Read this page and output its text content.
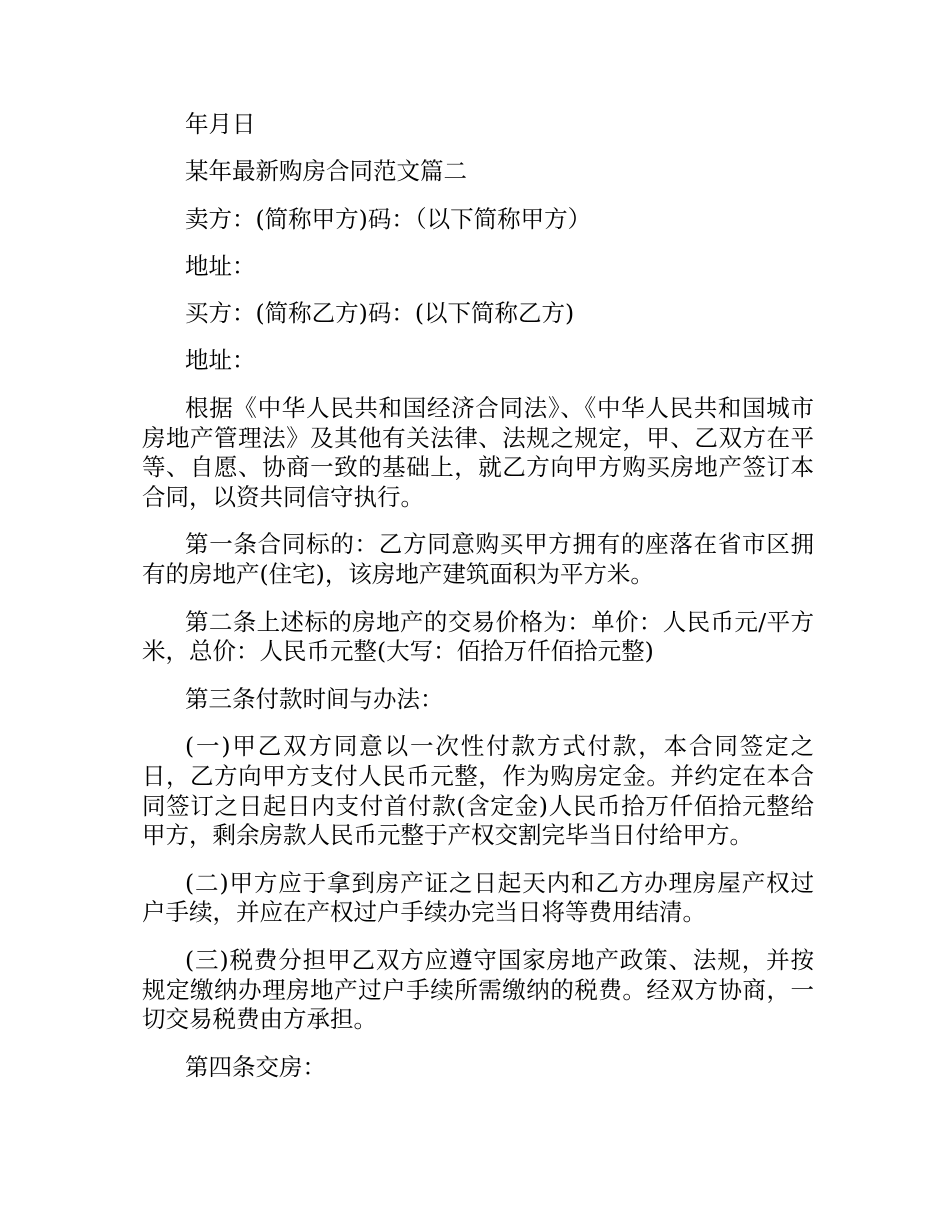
年月日

某年最新购房合同范文篇二

卖方：(简称甲方)码：（以下简称甲方）

地址：

买方：(简称乙方)码：(以下简称乙方)

地址：

根据《中华人民共和国经济合同法》、《中华人民共和国城市房地产管理法》及其他有关法律、法规之规定，甲、乙双方在平等、自愿、协商一致的基础上，就乙方向甲方购买房地产签订本合同，以资共同信守执行。

第一条合同标的：乙方同意购买甲方拥有的座落在省市区拥有的房地产(住宅)，该房地产建筑面积为平方米。

第二条上述标的房地产的交易价格为：单价：人民币元/平方米，总价：人民币元整(大写：佰拾万仟佰拾元整)

第三条付款时间与办法：

(一)甲乙双方同意以一次性付款方式付款，本合同签定之日，乙方向甲方支付人民币元整，作为购房定金。并约定在本合同签订之日起日内支付首付款(含定金)人民币拾万仟佰拾元整给甲方，剩余房款人民币元整于产权交割完毕当日付给甲方。

(二)甲方应于拿到房产证之日起天内和乙方办理房屋产权过户手续，并应在产权过户手续办完当日将等费用结清。

(三)税费分担甲乙双方应遵守国家房地产政策、法规，并按规定缴纳办理房地产过户手续所需缴纳的税费。经双方协商，一切交易税费由方承担。

第四条交房：
